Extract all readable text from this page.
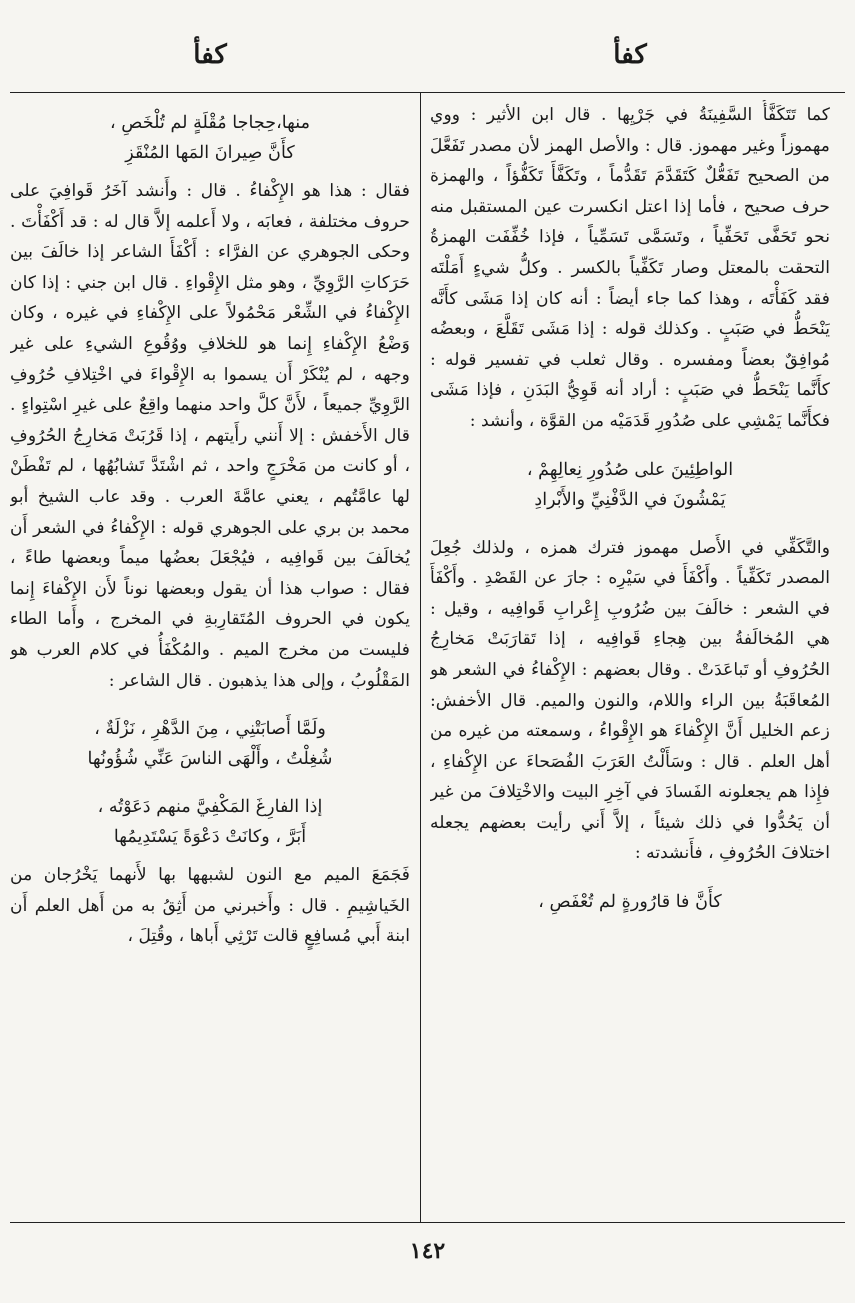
كفأ
كفأ

كما تَتَكَفَّأُ السَّفِينَةُ في جَرْيِها . قال ابن الأثير : ووي مهموزاً وغير مهموز. قال : والأصل الهمز لأن مصدر تَفَعَّلَ من الصحيح تَفَعُّلٌ كَتَقَدَّمَ تَقَدُّماً ، وتَكَفَّأَ تَكَفُّؤاً ، والهمزة حرف صحيح ، فأما إذا اعتل انكسرت عين المستقبل منه نحو تَحَفَّى تَحَفِّياً ، وتَسَمَّى تَسَمِّياً ، فإذا خُفِّفَت الهمزةُ التحقت بالمعتل وصار تَكَفِّياً بالكسر . وكلُّ شيءٍ أَمَلْتَه فقد كَفَأْتَه ، وهذا كما جاء أيضاً : أنه كان إذا مَشَى كأَنَّه يَنْحَطُّ في صَبَبٍ . وكذلك قوله : إذا مَشَى تَقَلَّعَ ، وبعضُه مُوافِقٌ بعضاً ومفسره . وقال ثعلب في تفسير قوله : كأَنَّما يَنْحَطُّ في صَبَبٍ : أراد أنه قَوِيُّ البَدَنِ ، فإذا مَشَى فكأَنَّما يَمْشِي على صُدُورِ قَدَمَيْه من القوَّة ، وأنشد :

الواطِئِينَ على صُدُورِ نِعالِهِمْ ،
يَمْشُونَ في الدَّفْنِيِّ والأَبْرادِ

والتَّكَفِّي في الأَصل مهموز فترك همزه ، ولذلك جُعِلَ المصدر تَكَفِّياً . وأَكْفَأَ في سَيْرِه : جارَ عن القَصْدِ . وأَكْفَأَ في الشعر : خالَفَ بين ضُرُوبِ إِعْرابِ قَوافِيه ، وقيل : هي المُخالَفةُ بين هِجاءِ قَوافِيه ، إذا تَقارَبَتْ مَخارِجُ الحُرُوفِ أو تَباعَدَتْ . وقال بعضهم : الإِكْفاءُ في الشعر هو المُعاقَبَةُ بين الراء واللام، والنون والميم. قال الأخفش: زعم الخليل أَنَّ الإِكْفاءَ هو الإِقْواءُ ، وسمعته من غيره من أهل العلم . قال : وسَأَلْتُ العَرَبَ الفُصَحاءَ عن الإِكْفاءِ ، فإِذا هم يجعلونه الفَسادَ في آخِرِ البيت والاخْتِلافَ من غير أن يَحُدُّوا في ذلك شيئاً ، إلاَّ أَني رأيت بعضهم يجعله اختلافَ الحُرُوفِ ، فأَنشدته :

كأَنَّ فا قارُورةٍ لم تُعْفَصِ ،
منها،حِجاجا مُقْلَةٍ لم تُلْخَصِ ،
كأَنَّ صِيرانَ المَها المُنْقَزِ

فقال : هذا هو الإِكْفاءُ . قال : وأَنشد آخَرُ قَوافِيَ على حروف مختلفة ، فعابَه ، ولا أَعلمه إلاَّ قال له : قد أَكْفَأْتَ . وحكى الجوهري عن الفرَّاء : أَكْفَأَ الشاعر إذا خالَفَ بين حَرَكاتِ الرَّوِيِّ ، وهو مثل الإِقْواءِ . قال ابن جني : إذا كان الإِكْفاءُ في الشِّعْر مَحْمُولاً على الإِكْفاءِ في غيره ، وكان وَضْعُ الإِكْفاءِ إِنما هو للخلافِ ووُقُوعِ الشيءِ على غير وجهه ، لم يُنْكَرْ أَن يسموا به الإِقْواءَ في اخْتِلافِ حُرُوفِ الرَّوِيِّ جميعاً ، لأَنَّ كلَّ واحد منهما واقِعٌ على غيرِ اسْتِواءٍ . قال الأَخفش : إلا أَنني رأَيتهم ، إذا قَرُبَتْ مَخارِجُ الحُرُوفِ ، أو كانت من مَخْرَجٍ واحد ، ثم اشْتَدَّ تَشابُهُها ، لم تَفْطَنْ لها عامَّتُهم ، يعني عامَّةَ العرب . وقد عاب الشيخ أبو محمد بن بري على الجوهري قوله : الإِكْفاءُ في الشعر أَن يُخالَفَ بين قَوافِيه ، فيُجْعَلَ بعضُها ميماً وبعضها طاءً ، فقال : صواب هذا أن يقول وبعضها نوناً لأَن الإِكْفاءَ إِنما يكون في الحروف المُتَقارِبةِ في المخرج ، وأَما الطاء فليست من مخرج الميم . والمُكْفَأُ في كلام العرب هو المَقْلُوبُ ، وإلى هذا يذهبون . قال الشاعر :

ولَمَّا أَصابَتْنِي ، مِنَ الدَّهْرِ ، نَزْلَةٌ ،
شُغِلْتُ ، وأَلْهَى الناسَ عَنِّي شُؤُونُها
إذا الفارِغَ المَكْفِيَّ منهم دَعَوْتُه ،
أَبَرَّ ، وكانَتْ دَعْوَةً يَسْتَدِيمُها

فَجَمَعَ الميم مع النون لشبهها بها لأَنهما يَخْرُجان من الخَياشِيمِ . قال : وأَخبرني من أَثِقُ به من أَهل العلم أَن ابنة أَبي مُسافِعٍ قالت تَرْثِي أَباها ، وقُتِلَ ،

١٤٢
